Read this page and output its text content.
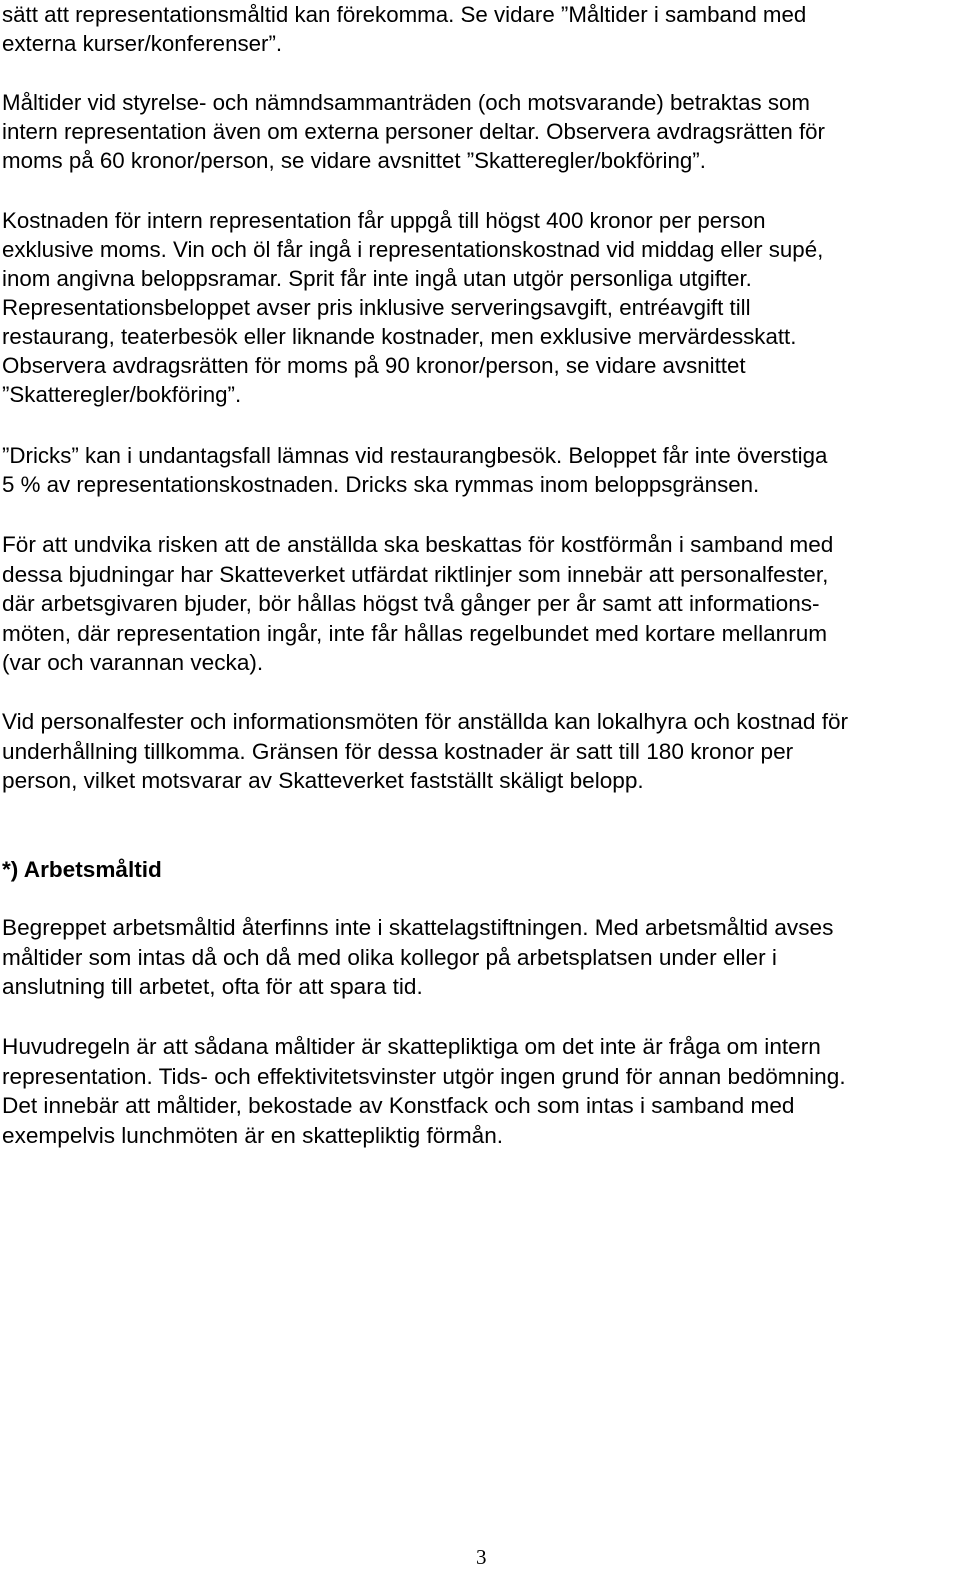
sätt att representationsmåltid kan förekomma. Se vidare ”Måltider i samband med
externa kurser/konferenser”.

Måltider vid styrelse- och nämndsammanträden (och motsvarande) betraktas som
intern representation även om externa personer deltar. Observera avdragsrätten för
moms på 60 kronor/person, se vidare avsnittet ”Skatteregler/bokföring”.

Kostnaden för intern representation får uppgå till högst 400 kronor per person
exklusive moms. Vin och öl får ingå i representationskostnad vid middag eller supé,
inom angivna beloppsramar. Sprit får inte ingå utan utgör personliga utgifter.
Representationsbeloppet avser pris inklusive serveringsavgift, entréavgift till
restaurang, teaterbesök eller liknande kostnader, men exklusive mervärdesskatt.
Observera avdragsrätten för moms på 90 kronor/person, se vidare avsnittet
”Skatteregler/bokföring”.

”Dricks” kan i undantagsfall lämnas vid restaurangbesök. Beloppet får inte överstiga
5 % av representationskostnaden. Dricks ska rymmas inom beloppsgränsen.

För att undvika risken att de anställda ska beskattas för kostförmån i samband med
dessa bjudningar har Skatteverket utfärdat riktlinjer som innebär att personalfester,
där arbetsgivaren bjuder, bör hållas högst två gånger per år samt att informations-
möten, där representation ingår, inte får hållas regelbundet med kortare mellanrum
(var och varannan vecka).

Vid personalfester och informationsmöten för anställda kan lokalhyra och kostnad för
underhållning tillkomma. Gränsen för dessa kostnader är satt till 180 kronor per
person, vilket motsvarar av Skatteverket fastställt skäligt belopp.

*) Arbetsmåltid

Begreppet arbetsmåltid återfinns inte i skattelagstiftningen. Med arbetsmåltid avses
måltider som intas då och då med olika kollegor på arbetsplatsen under eller i
anslutning till arbetet, ofta för att spara tid.

Huvudregeln är att sådana måltider är skattepliktiga om det inte är fråga om intern
representation. Tids- och effektivitetsvinster utgör ingen grund för annan bedömning.
Det innebär att måltider, bekostade av Konstfack och som intas i samband med
exempelvis lunchmöten är en skattepliktig förmån.

3
